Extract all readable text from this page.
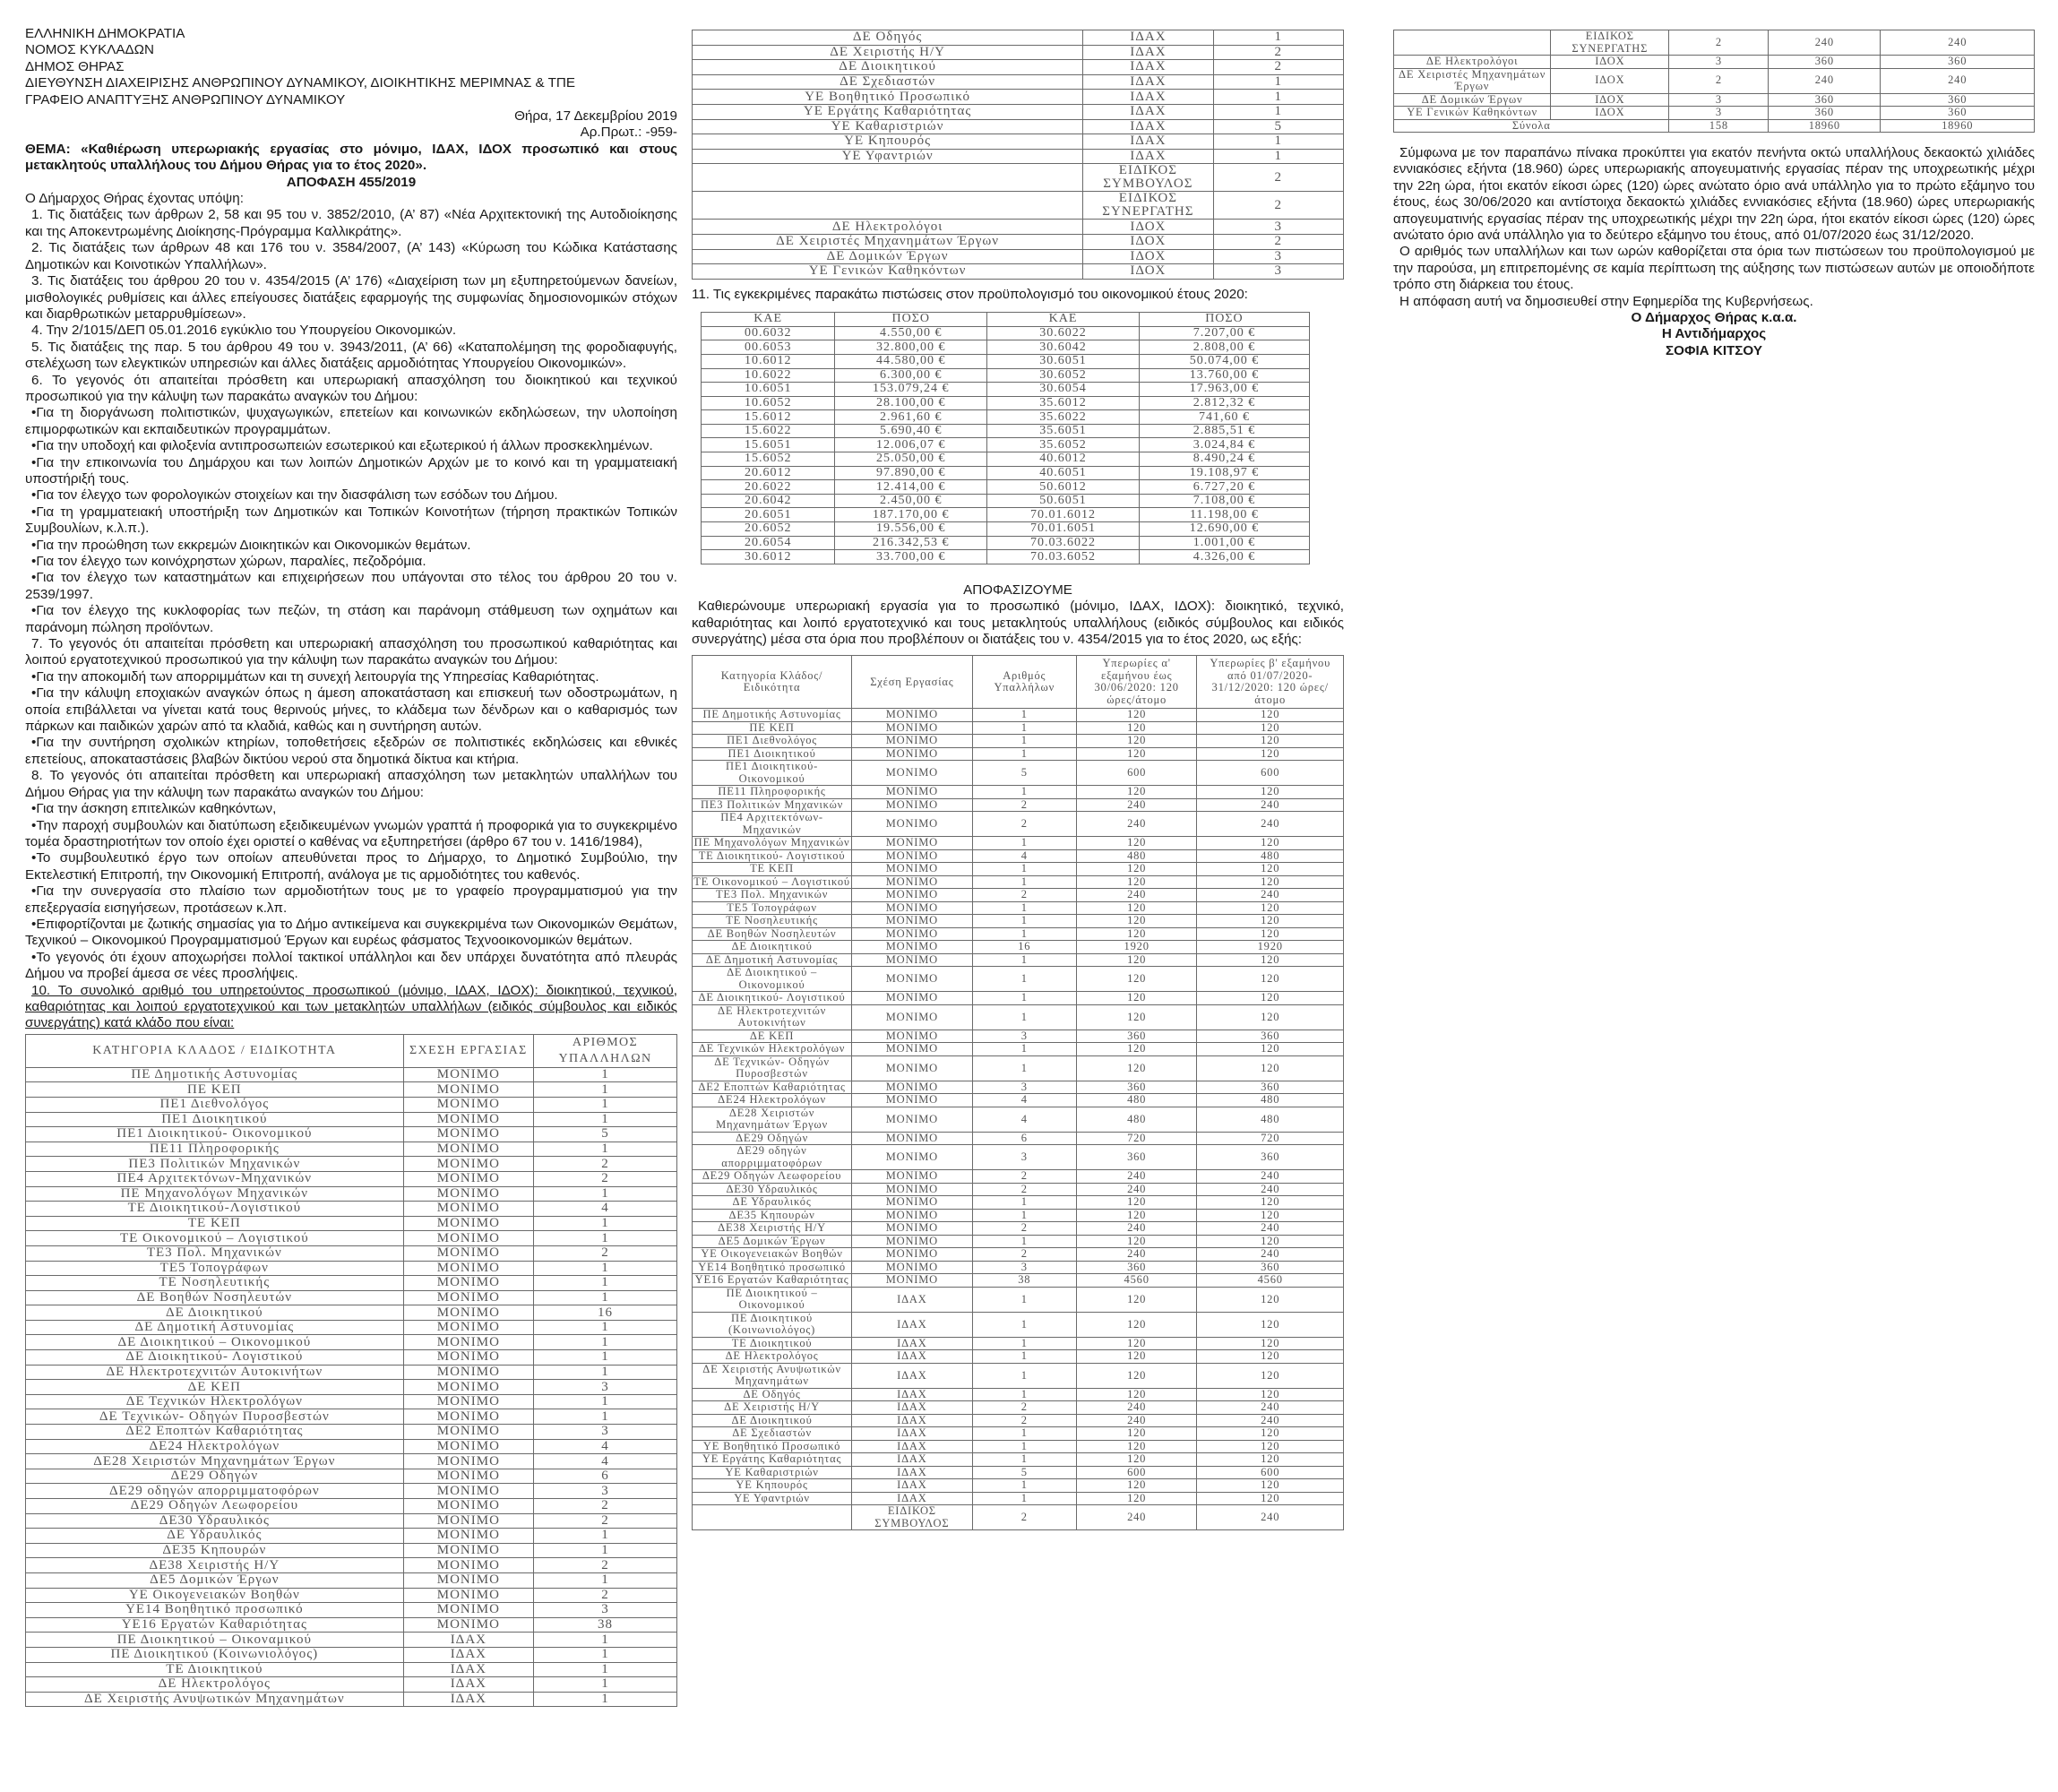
ΕΛΛΗΝΙΚΗ ΔΗΜΟΚΡΑΤΙΑ

ΝΟΜΟΣ ΚΥΚΛΑΔΩΝ

ΔΗΜΟΣ ΘΗΡΑΣ

ΔΙΕΥΘΥΝΣΗ ΔΙΑΧΕΙΡΙΣΗΣ ΑΝΘΡΩΠΙΝΟΥ ΔΥΝΑΜΙΚΟΥ, ΔΙΟΙΚΗΤΙΚΗΣ ΜΕΡΙΜΝΑΣ & ΤΠΕ

ΓΡΑΦΕΙΟ ΑΝΑΠΤΥΞΗΣ ΑΝΘΡΩΠΙΝΟΥ ΔΥΝΑΜΙΚΟΥ

Θήρα, 17 Δεκεμβρίου 2019

Αρ.Πρωτ.: -959-

ΘΕΜΑ: «Καθιέρωση υπερωριακής εργασίας στο μόνιμο, ΙΔΑΧ, ΙΔΟΧ προσωπικό και στους μετακλητούς υπαλλήλους του Δήμου Θήρας για το έτος 2020».

ΑΠΟΦΑΣΗ 455/2019

Ο Δήμαρχος Θήρας έχοντας υπόψη:

1. Τις διατάξεις των άρθρων 2, 58 και 95 του ν. 3852/2010, (Α’ 87) «Νέα Αρχιτεκτονική της Αυτοδιοίκησης και της Αποκεντρωμένης Διοίκησης-Πρόγραμμα Καλλικράτης».

2. Τις διατάξεις των άρθρων 48 και 176 του ν. 3584/2007, (Α’ 143) «Κύρωση του Κώδικα Κατάστασης Δημοτικών και Κοινοτικών Υπαλλήλων».

3. Τις διατάξεις του άρθρου 20 του ν. 4354/2015 (Α’ 176) «Διαχείριση των μη εξυπηρετούμενων δανείων, μισθολογικές ρυθμίσεις και άλλες επείγουσες διατάξεις εφαρμογής της συμφωνίας δημοσιονομικών στόχων και διαρθρωτικών μεταρρυθμίσεων».

4. Την 2/1015/ΔΕΠ 05.01.2016 εγκύκλιο του Υπουργείου Οικονομικών.

5. Τις διατάξεις της παρ. 5 του άρθρου 49 του ν. 3943/2011, (Α’ 66) «Καταπολέμηση της φοροδιαφυγής, στελέχωση των ελεγκτικών υπηρεσιών και άλλες διατάξεις αρμοδιότητας Υπουργείου Οικονομικών».

6. Το γεγονός ότι απαιτείται πρόσθετη και υπερωριακή απασχόληση του διοικητικού και τεχνικού προσωπικού για την κάλυψη των παρακάτω αναγκών του Δήμου:

•Για τη διοργάνωση πολιτιστικών, ψυχαγωγικών, επετείων και κοινωνικών εκδηλώσεων, την υλοποίηση επιμορφωτικών και εκπαιδευτικών προγραμμάτων.

•Για την υποδοχή και φιλοξενία αντιπροσωπειών εσωτερικού και εξωτερικού ή άλλων προσκεκλημένων.

•Για την επικοινωνία του Δημάρχου και των λοιπών Δημοτικών Αρχών με το κοινό και τη γραμματειακή υποστήριξή τους.

•Για τον έλεγχο των φορολογικών στοιχείων και την διασφάλιση των εσόδων του Δήμου.

•Για τη γραμματειακή υποστήριξη των Δημοτικών και Τοπικών Κοινοτήτων (τήρηση πρακτικών Τοπικών Συμβουλίων, κ.λ.π.).

•Για την προώθηση των εκκρεμών Διοικητικών και Οικονομικών θεμάτων.

•Για τον έλεγχο των κοινόχρηστων χώρων, παραλίες, πεζοδρόμια.

•Για τον έλεγχο των καταστημάτων και επιχειρήσεων που υπάγονται στο τέλος του άρθρου 20 του ν. 2539/1997.

•Για τον έλεγχο της κυκλοφορίας των πεζών, τη στάση και παράνομη στάθμευση των οχημάτων και παράνομη πώληση προϊόντων.

7. Το γεγονός ότι απαιτείται πρόσθετη και υπερωριακή απασχόληση του προσωπικού καθαριότητας και λοιπού εργατοτεχνικού προσωπικού για την κάλυψη των παρακάτω αναγκών του Δήμου:

•Για την αποκομιδή των απορριμμάτων και τη συνεχή λειτουργία της Υπηρεσίας Καθαριότητας.

•Για την κάλυψη εποχιακών αναγκών όπως η άμεση αποκατάσταση και επισκευή των οδοστρωμάτων, η οποία επιβάλλεται να γίνεται κατά τους θερινούς μήνες, το κλάδεμα των δένδρων και ο καθαρισμός των πάρκων και παιδικών χαρών από τα κλαδιά, καθώς και η συντήρηση αυτών.

•Για την συντήρηση σχολικών κτηρίων, τοποθετήσεις εξεδρών σε πολιτιστικές εκδηλώσεις και εθνικές επετείους, αποκαταστάσεις βλαβών δικτύου νερού στα δημοτικά δίκτυα και κτήρια.

8. Το γεγονός ότι απαιτείται πρόσθετη και υπερωριακή απασχόληση των μετακλητών υπαλλήλων του Δήμου Θήρας για την κάλυψη των παρακάτω αναγκών του Δήμου:

•Για την άσκηση επιτελικών καθηκόντων,

•Την παροχή συμβουλών και διατύπωση εξειδικευμένων γνωμών γραπτά ή προφορικά για το συγκεκριμένο τομέα δραστηριοτήτων τον οποίο έχει οριστεί ο καθένας να εξυπηρετήσει (άρθρο 67 του ν. 1416/1984),

•Το συμβουλευτικό έργο των οποίων απευθύνεται προς το Δήμαρχο, το Δημοτικό Συμβούλιο, την Εκτελεστική Επιτροπή, την Οικονομική Επιτροπή, ανάλογα με τις αρμοδιότητες του καθενός.

•Για την συνεργασία στο πλαίσιο των αρμοδιοτήτων τους με το γραφείο προγραμματισμού για την επεξεργασία εισηγήσεων, προτάσεων κ.λπ.

•Επιφορτίζονται με ζωτικής σημασίας για το Δήμο αντικείμενα και συγκεκριμένα των Οικονομικών Θεμάτων, Τεχνικού – Οικονομικού Προγραμματισμού Έργων και ευρέως φάσματος Τεχνοοικονομικών θεμάτων.

•Το γεγονός ότι έχουν αποχωρήσει πολλοί τακτικοί υπάλληλοι και δεν υπάρχει δυνατότητα από πλευράς Δήμου να προβεί άμεσα σε νέες προσλήψεις.

10. Το συνολικό αριθμό του υπηρετούντος προσωπικού (μόνιμο, ΙΔΑΧ, ΙΔΟΧ): διοικητικού, τεχνικού, καθαριότητας και λοιπού εργατοτεχνικού και των μετακλητών υπαλλήλων (ειδικός σύμβουλος και ειδικός συνεργάτης) κατά κλάδο που είναι:

ΚΑΤΗΓΟΡΙΑ ΚΛΑΔΟΣ / ΕΙΔΙΚΟΤΗΤΑ	ΣΧΕΣΗ ΕΡΓΑΣΙΑΣ	ΑΡΙΘΜΟΣ ΥΠΑΛΛΗΛΩΝ
ΠΕ Δημοτικής Αστυνομίας	ΜΟΝΙΜΟ	1
ΠΕ ΚΕΠ	ΜΟΝΙΜΟ	1
ΠΕ1 Διεθνολόγος	ΜΟΝΙΜΟ	1
ΠΕ1 Διοικητικού	ΜΟΝΙΜΟ	1
ΠΕ1 Διοικητικού- Οικονομικού	ΜΟΝΙΜΟ	5
ΠΕ11 Πληροφορικής	ΜΟΝΙΜΟ	1
ΠΕ3 Πολιτικών Μηχανικών	ΜΟΝΙΜΟ	2
ΠΕ4 Αρχιτεκτόνων-Μηχανικών	ΜΟΝΙΜΟ	2
ΠΕ Μηχανολόγων Μηχανικών	ΜΟΝΙΜΟ	1
ΤΕ Διοικητικού-Λογιστικού	ΜΟΝΙΜΟ	4
ΤΕ ΚΕΠ	ΜΟΝΙΜΟ	1
ΤΕ Οικονομικού – Λογιστικού	ΜΟΝΙΜΟ	1
ΤΕ3 Πολ. Μηχανικών	ΜΟΝΙΜΟ	2
ΤΕ5 Τοπογράφων	ΜΟΝΙΜΟ	1
ΤΕ Νοσηλευτικής	ΜΟΝΙΜΟ	1
ΔΕ Βοηθών Νοσηλευτών	ΜΟΝΙΜΟ	1
ΔΕ Διοικητικού	ΜΟΝΙΜΟ	16
ΔΕ Δημοτική Αστυνομίας	ΜΟΝΙΜΟ	1
ΔΕ Διοικητικού – Οικονομικού	ΜΟΝΙΜΟ	1
ΔΕ Διοικητικού- Λογιστικού	ΜΟΝΙΜΟ	1
ΔΕ Ηλεκτροτεχνιτών Αυτοκινήτων	ΜΟΝΙΜΟ	1
ΔΕ ΚΕΠ	ΜΟΝΙΜΟ	3
ΔΕ Τεχνικών Ηλεκτρολόγων	ΜΟΝΙΜΟ	1
ΔΕ Τεχνικών- Οδηγών Πυροσβεστών	ΜΟΝΙΜΟ	1
ΔΕ2 Εποπτών Καθαριότητας	ΜΟΝΙΜΟ	3
ΔΕ24 Ηλεκτρολόγων	ΜΟΝΙΜΟ	4
ΔΕ28 Χειριστών Μηχανημάτων Έργων	ΜΟΝΙΜΟ	4
ΔΕ29 Οδηγών	ΜΟΝΙΜΟ	6
ΔΕ29 οδηγών απορριμματοφόρων	ΜΟΝΙΜΟ	3
ΔΕ29 Οδηγών Λεωφορείου	ΜΟΝΙΜΟ	2
ΔΕ30 Υδραυλικός	ΜΟΝΙΜΟ	2
ΔΕ Υδραυλικός	ΜΟΝΙΜΟ	1
ΔΕ35 Κηπουρών	ΜΟΝΙΜΟ	1
ΔΕ38 Χειριστής Η/Υ	ΜΟΝΙΜΟ	2
ΔΕ5 Δομικών Έργων	ΜΟΝΙΜΟ	1
ΥΕ Οικογενειακών Βοηθών	ΜΟΝΙΜΟ	2
ΥΕ14 Βοηθητικό προσωπικό	ΜΟΝΙΜΟ	3
ΥΕ16 Εργατών Καθαριότητας	ΜΟΝΙΜΟ	38
ΠΕ Διοικητικού – Οικοναμικού	ΙΔΑΧ	1
ΠΕ Διοικητικού (Κοινωνιολόγος)	ΙΔΑΧ	1
ΤΕ Διοικητικού	ΙΔΑΧ	1
ΔΕ Ηλεκτρολόγος	ΙΔΑΧ	1
ΔΕ Χειριστής Ανυψωτικών Μηχανημάτων	ΙΔΑΧ	1
ΔΕ Οδηγός	ΙΔΑΧ	1
ΔΕ Χειριστής Η/Υ	ΙΔΑΧ	2
ΔΕ Διοικητικού	ΙΔΑΧ	2
ΔΕ Σχεδιαστών	ΙΔΑΧ	1
ΥΕ Βοηθητικό Προσωπικό	ΙΔΑΧ	1
ΥΕ Εργάτης Καθαριότητας	ΙΔΑΧ	1
ΥΕ Καθαριστριών	ΙΔΑΧ	5
ΥΕ Κηπουρός	ΙΔΑΧ	1
ΥΕ Υφαντριών	ΙΔΑΧ	1
	ΕΙΔΙΚΟΣ ΣΥΜΒΟΥΛΟΣ	2
	ΕΙΔΙΚΟΣ ΣΥΝΕΡΓΑΤΗΣ	2
ΔΕ Ηλεκτρολόγοι	ΙΔΟΧ	3
ΔΕ Χειριστές Μηχανημάτων Έργων	ΙΔΟΧ	2
ΔΕ Δομικών Έργων	ΙΔΟΧ	3
ΥΕ Γενικών Καθηκόντων	ΙΔΟΧ	3

11. Τις εγκεκριμένες παρακάτω πιστώσεις στον προϋπολογισμό του οικονομικού έτους 2020:

ΚΑΕ	ΠΟΣΟ	ΚΑΕ	ΠΟΣΟ
00.6032	4.550,00 €	30.6022	7.207,00 €
00.6053	32.800,00 €	30.6042	2.808,00 €
10.6012	44.580,00 €	30.6051	50.074,00 €
10.6022	6.300,00 €	30.6052	13.760,00 €
10.6051	153.079,24 €	30.6054	17.963,00 €
10.6052	28.100,00 €	35.6012	2.812,32 €
15.6012	2.961,60 €	35.6022	741,60 €
15.6022	5.690,40 €	35.6051	2.885,51 €
15.6051	12.006,07 €	35.6052	3.024,84 €
15.6052	25.050,00 €	40.6012	8.490,24 €
20.6012	97.890,00 €	40.6051	19.108,97 €
20.6022	12.414,00 €	50.6012	6.727,20 €
20.6042	2.450,00 €	50.6051	7.108,00 €
20.6051	187.170,00 €	70.01.6012	11.198,00 €
20.6052	19.556,00 €	70.01.6051	12.690,00 €
20.6054	216.342,53 €	70.03.6022	1.001,00 €
30.6012	33.700,00 €	70.03.6052	4.326,00 €

ΑΠΟΦΑΣΙΖΟΥΜΕ

Καθιερώνουμε υπερωριακή εργασία για το προσωπικό (μόνιμο, ΙΔΑΧ, ΙΔΟΧ): διοικητικό, τεχνικό, καθαριότητας και λοιπό εργατοτεχνικό και τους μετακλητούς υπαλλήλους (ειδικός σύμβουλος και ειδικός συνεργάτης) μέσα στα όρια που προβλέπουν οι διατάξεις του ν. 4354/2015 για το έτος 2020, ως εξής:

Κατηγορία Κλάδος/ Ειδικότητα	Σχέση Εργασίας	Αριθμός Υπαλλήλων	Υπερωρίες α' εξαμήνου έως 30/06/2020: 120 ώρες/άτομο	Υπερωρίες β' εξαμήνου από 01/07/2020-31/12/2020: 120 ώρες/άτομο
ΠΕ Δημοτικής Αστυνομίας	ΜΟΝΙΜΟ	1	120	120
ΠΕ ΚΕΠ	ΜΟΝΙΜΟ	1	120	120
ΠΕ1 Διεθνολόγος	ΜΟΝΙΜΟ	1	120	120
ΠΕ1 Διοικητικού	ΜΟΝΙΜΟ	1	120	120
ΠΕ1 Διοικητικού- Οικονομικού	ΜΟΝΙΜΟ	5	600	600
ΠΕ11 Πληροφορικής	ΜΟΝΙΜΟ	1	120	120
ΠΕ3 Πολιτικών Μηχανικών	ΜΟΝΙΜΟ	2	240	240
ΠΕ4 Αρχιτεκτόνων- Μηχανικών	ΜΟΝΙΜΟ	2	240	240
ΠΕ Μηχανολόγων Μηχανικών	ΜΟΝΙΜΟ	1	120	120
ΤΕ Διοικητικού- Λογιστικού	ΜΟΝΙΜΟ	4	480	480
ΤΕ ΚΕΠ	ΜΟΝΙΜΟ	1	120	120
ΤΕ Οικονομικού – Λογιστικού	ΜΟΝΙΜΟ	1	120	120
ΤΕ3 Πολ. Μηχανικών	ΜΟΝΙΜΟ	2	240	240
ΤΕ5 Τοπογράφων	ΜΟΝΙΜΟ	1	120	120
ΤΕ Νοσηλευτικής	ΜΟΝΙΜΟ	1	120	120
ΔΕ Βοηθών Νοσηλευτών	ΜΟΝΙΜΟ	1	120	120
ΔΕ Διοικητικού	ΜΟΝΙΜΟ	16	1920	1920
ΔΕ Δημοτική Αστυνομίας	ΜΟΝΙΜΟ	1	120	120
ΔΕ Διοικητικού – Οικονομικού	ΜΟΝΙΜΟ	1	120	120
ΔΕ Διοικητικού- Λογιστικού	ΜΟΝΙΜΟ	1	120	120
ΔΕ Ηλεκτροτεχνιτών Αυτοκινήτων	ΜΟΝΙΜΟ	1	120	120
ΔΕ ΚΕΠ	ΜΟΝΙΜΟ	3	360	360
ΔΕ Τεχνικών Ηλεκτρολόγων	ΜΟΝΙΜΟ	1	120	120
ΔΕ Τεχνικών- Οδηγών Πυροσβεστών	ΜΟΝΙΜΟ	1	120	120
ΔΕ2 Εποπτών Καθαριότητας	ΜΟΝΙΜΟ	3	360	360
ΔΕ24 Ηλεκτρολόγων	ΜΟΝΙΜΟ	4	480	480
ΔΕ28 Χειριστών Μηχανημάτων Έργων	ΜΟΝΙΜΟ	4	480	480
ΔΕ29 Οδηγών	ΜΟΝΙΜΟ	6	720	720
ΔΕ29 οδηγών απορριμματοφόρων	ΜΟΝΙΜΟ	3	360	360
ΔΕ29 Οδηγών Λεωφορείου	ΜΟΝΙΜΟ	2	240	240
ΔΕ30 Υδραυλικός	ΜΟΝΙΜΟ	2	240	240
ΔΕ Υδραυλικός	ΜΟΝΙΜΟ	1	120	120
ΔΕ35 Κηπουρών	ΜΟΝΙΜΟ	1	120	120
ΔΕ38 Χειριστής Η/Υ	ΜΟΝΙΜΟ	2	240	240
ΔΕ5 Δομικών Έργων	ΜΟΝΙΜΟ	1	120	120
ΥΕ Οικογενειακών Βοηθών	ΜΟΝΙΜΟ	2	240	240
ΥΕ14 Βοηθητικό προσωπικό	ΜΟΝΙΜΟ	3	360	360
ΥΕ16 Εργατών Καθαριότητας	ΜΟΝΙΜΟ	38	4560	4560
ΠΕ Διοικητικού – Οικονομικού	ΙΔΑΧ	1	120	120
ΠΕ Διοικητικού (Κοινωνιολόγος)	ΙΔΑΧ	1	120	120
ΤΕ Διοικητικού	ΙΔΑΧ	1	120	120
ΔΕ Ηλεκτρολόγος	ΙΔΑΧ	1	120	120
ΔΕ Χειριστής Ανυψωτικών Μηχανημάτων	ΙΔΑΧ	1	120	120
ΔΕ Οδηγός	ΙΔΑΧ	1	120	120
ΔΕ Χειριστής Η/Υ	ΙΔΑΧ	2	240	240
ΔΕ Διοικητικού	ΙΔΑΧ	2	240	240
ΔΕ Σχεδιαστών	ΙΔΑΧ	1	120	120
ΥΕ Βοηθητικό Προσωπικό	ΙΔΑΧ	1	120	120
ΥΕ Εργάτης Καθαριότητας	ΙΔΑΧ	1	120	120
ΥΕ Καθαριστριών	ΙΔΑΧ	5	600	600
ΥΕ Κηπουρός	ΙΔΑΧ	1	120	120
ΥΕ Υφαντριών	ΙΔΑΧ	1	120	120
	ΕΙΔΙΚΟΣ ΣΥΜΒΟΥΛΟΣ	2	240	240
	ΕΙΔΙΚΟΣ ΣΥΝΕΡΓΑΤΗΣ	2	240	240
ΔΕ Ηλεκτρολόγοι	ΙΔΟΧ	3	360	360
ΔΕ Χειριστές Μηχανημάτων Έργων	ΙΔΟΧ	2	240	240
ΔΕ Δομικών Έργων	ΙΔΟΧ	3	360	360
ΥΕ Γενικών Καθηκόντων	ΙΔΟΧ	3	360	360
Σύνολα		158	18960	18960

Σύμφωνα με τον παραπάνω πίνακα προκύπτει για εκατόν πενήντα οκτώ υπαλλήλους δεκαοκτώ χιλιάδες εννιακόσιες εξήντα (18.960) ώρες υπερωριακής απογευματινής εργασίας πέραν της υποχρεωτικής μέχρι την 22η ώρα, ήτοι εκατόν είκοσι ώρες (120) ώρες ανώτατο όριο ανά υπάλληλο για το πρώτο εξάμηνο του έτους, έως 30/06/2020 και αντίστοιχα δεκαοκτώ χιλιάδες εννιακόσιες εξήντα (18.960) ώρες υπερωριακής απογευματινής εργασίας πέραν της υποχρεωτικής μέχρι την 22η ώρα, ήτοι εκατόν είκοσι ώρες (120) ώρες ανώτατο όριο ανά υπάλληλο για το δεύτερο εξάμηνο του έτους, από 01/07/2020 έως 31/12/2020.

Ο αριθμός των υπαλλήλων και των ωρών καθορίζεται στα όρια των πιστώσεων του προϋπολογισμού με την παρούσα, μη επιτρεπομένης σε καμία περίπτωση της αύξησης των πιστώσεων αυτών με οποιοδήποτε τρόπο στη διάρκεια του έτους.

Η απόφαση αυτή να δημοσιευθεί στην Εφημερίδα της Κυβερνήσεως.

Ο Δήμαρχος Θήρας κ.α.α.

Η Αντιδήμαρχος

ΣΟΦΙΑ ΚΙΤΣΟΥ
